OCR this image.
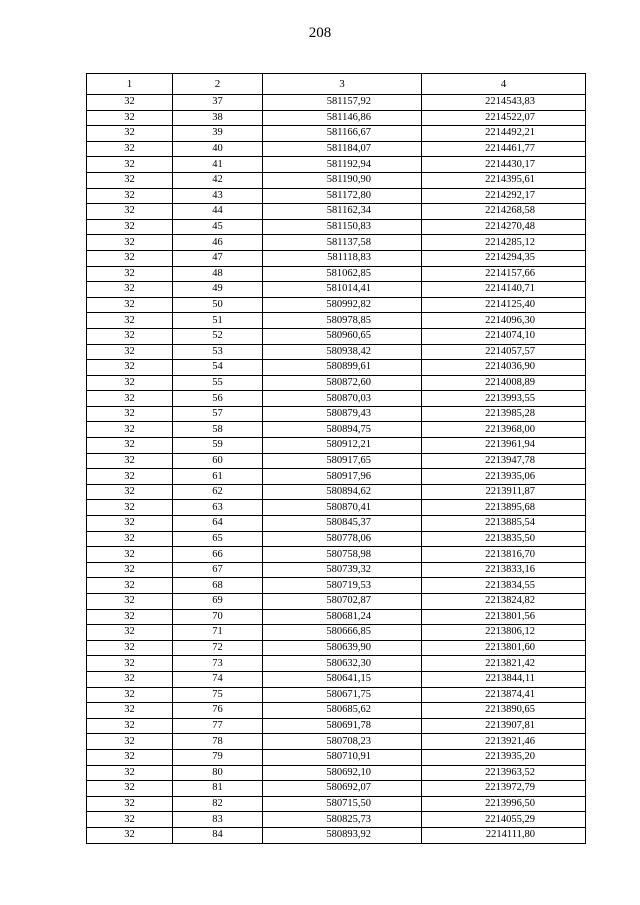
208
1	2	3	4
32	37	581157,92	2214543,83
32	38	581146,86	2214522,07
32	39	581166,67	2214492,21
32	40	581184,07	2214461,77
32	41	581192,94	2214430,17
32	42	581190,90	2214395,61
32	43	581172,80	2214292,17
32	44	581162,34	2214268,58
32	45	581150,83	2214270,48
32	46	581137,58	2214285,12
32	47	581118,83	2214294,35
32	48	581062,85	2214157,66
32	49	581014,41	2214140,71
32	50	580992,82	2214125,40
32	51	580978,85	2214096,30
32	52	580960,65	2214074,10
32	53	580938,42	2214057,57
32	54	580899,61	2214036,90
32	55	580872,60	2214008,89
32	56	580870,03	2213993,55
32	57	580879,43	2213985,28
32	58	580894,75	2213968,00
32	59	580912,21	2213961,94
32	60	580917,65	2213947,78
32	61	580917,96	2213935,06
32	62	580894,62	2213911,87
32	63	580870,41	2213895,68
32	64	580845,37	2213885,54
32	65	580778,06	2213835,50
32	66	580758,98	2213816,70
32	67	580739,32	2213833,16
32	68	580719,53	2213834,55
32	69	580702,87	2213824,82
32	70	580681,24	2213801,56
32	71	580666,85	2213806,12
32	72	580639,90	2213801,60
32	73	580632,30	2213821,42
32	74	580641,15	2213844,11
32	75	580671,75	2213874,41
32	76	580685,62	2213890,65
32	77	580691,78	2213907,81
32	78	580708,23	2213921,46
32	79	580710,91	2213935,20
32	80	580692,10	2213963,52
32	81	580692,07	2213972,79
32	82	580715,50	2213996,50
32	83	580825,73	2214055,29
32	84	580893,92	2214111,80
